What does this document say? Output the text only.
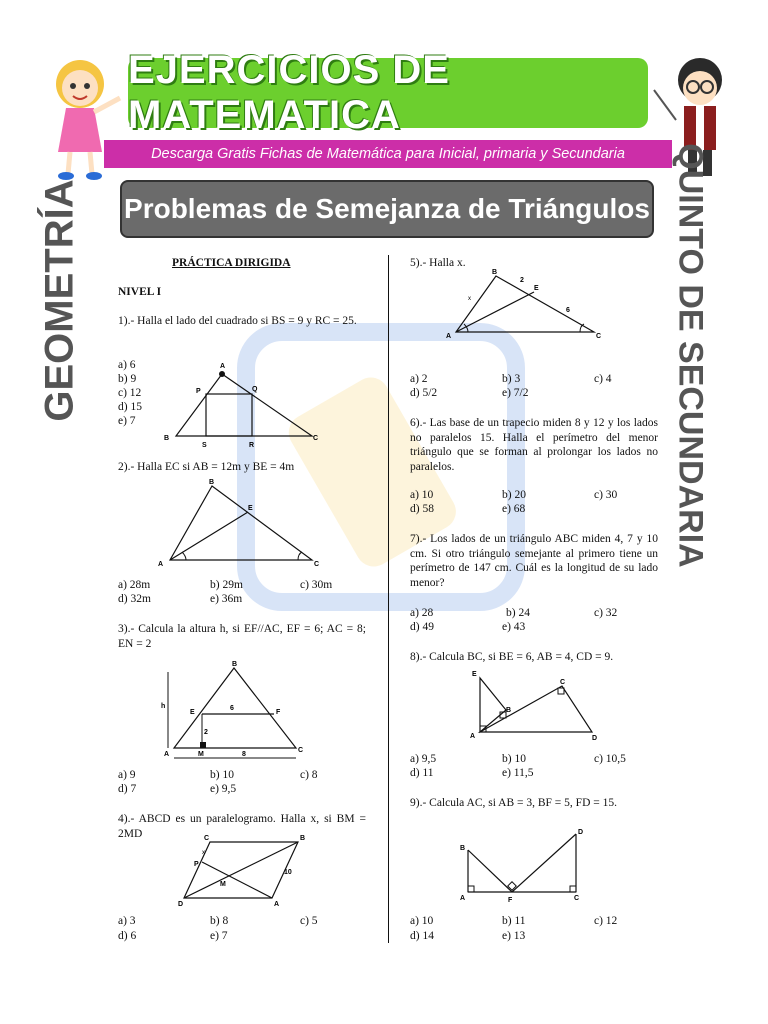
EJERCICIOS DE MATEMATICA
Descarga Gratis Fichas de Matemática para Inicial, primaria y Secundaria
Problemas de Semejanza de Triángulos
GEOMETRÍA	QUINTO DE SECUNDARIA
PRÁCTICA DIRIGIDA
NIVEL I
1).- Halla el lado del cuadrado si BS = 9 y RC = 25.
a) 6
b) 9
c) 12
d) 15
e) 7
A
P	Q
B
S	R
C
2).- Halla EC si AB = 12m y BE = 4m
B
E
A	C
a) 28m	b) 29m	c) 30m
d) 32m	e) 36m
3).- Calcula la altura h, si EF//AC, EF = 6; AC = 8; EN = 2
B
E	F
6
2
h
A	M	8
C
a) 9	b) 10	c) 8
d) 7	e) 9,5
4).- ABCD es un paralelogramo. Halla x, si BM = 2MD	C	B
P
x
M
10
D	A
a) 3	b) 8	c) 5
d) 6	e) 7
5).- Halla x.
B
2
E
x
6
A	C
a) 2	b) 3	c) 4
d) 5/2	e) 7/2
6).- Las base de un trapecio miden 8 y 12 y los lados no paralelos 15. Halla el perímetro del menor triángulo que se forman al prolongar los lados no paralelos.
a) 10	b) 20	c) 30
d) 58	e) 68
7).- Los lados de un triángulo ABC miden 4, 7 y 10 cm. Si otro triángulo semejante al primero tiene un perímetro de 147 cm. Cuál es la longitud de su lado menor?
a) 28	b) 24	c) 32
d) 49	e) 43
8).- Calcula BC, si BE = 6, AB = 4, CD = 9.
E
B
C
A	D
a) 9,5	b) 10	c) 10,5
d) 11	e) 11,5
9).- Calcula AC, si AB = 3, BF = 5, FD = 15.
B
A	F	C
D
a) 10	b) 11	c) 12
d) 14	e) 13
